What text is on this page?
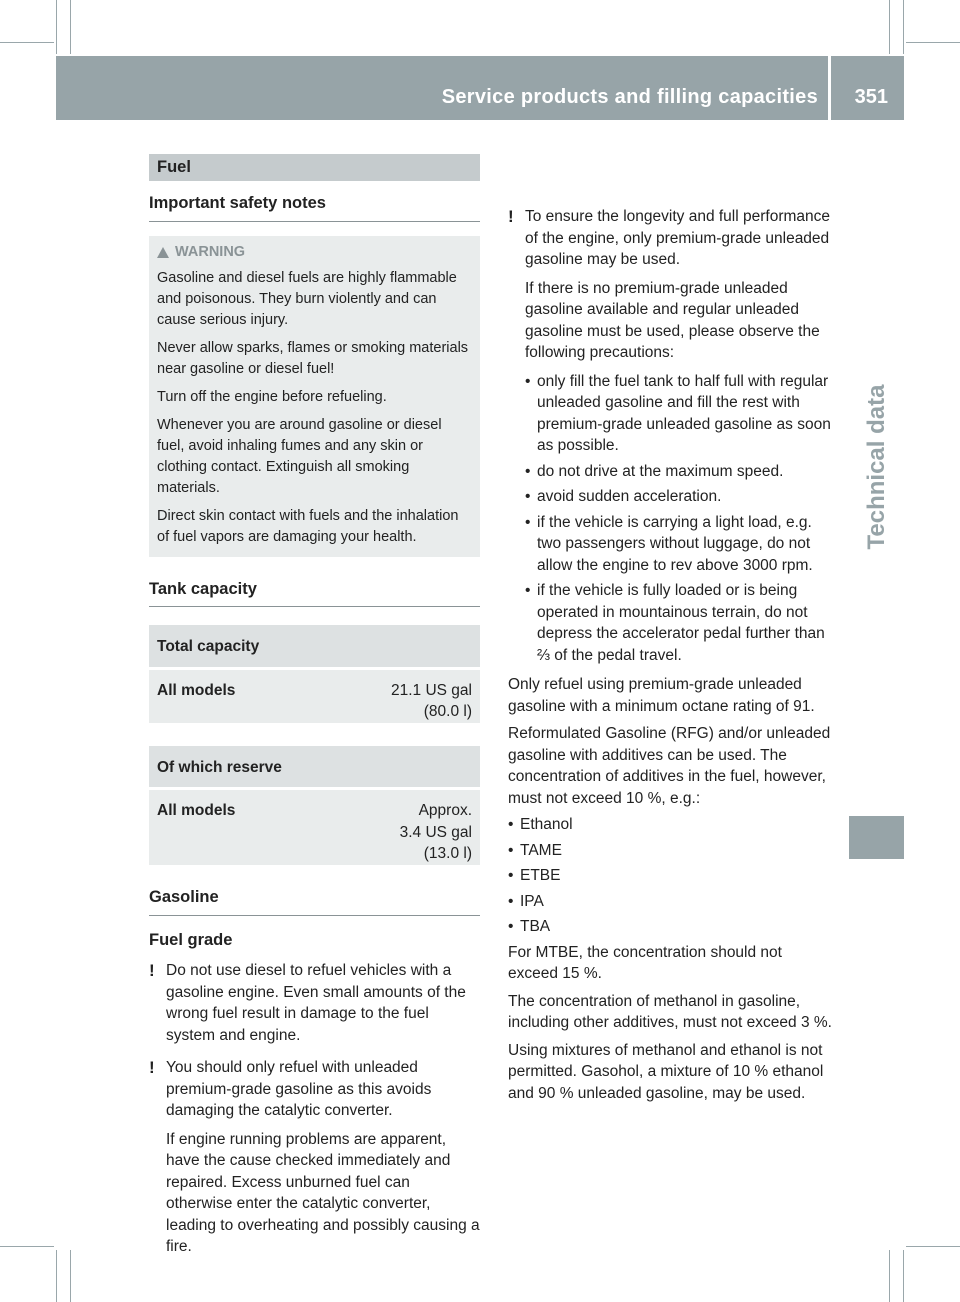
Service products and filling capacities 351
Technical data
Fuel
Important safety notes
WARNING

Gasoline and diesel fuels are highly flammable and poisonous. They burn violently and can cause serious injury.

Never allow sparks, flames or smoking materials near gasoline or diesel fuel!

Turn off the engine before refueling.

Whenever you are around gasoline or diesel fuel, avoid inhaling fumes and any skin or clothing contact. Extinguish all smoking materials.

Direct skin contact with fuels and the inhalation of fuel vapors are damaging your health.

Tank capacity
Total capacity
All models	21.1 US gal
(80.0 l)
Of which reserve
All models	Approx.
3.4 US gal
(13.0 l)
Gasoline
Fuel grade
! Do not use diesel to refuel vehicles with a gasoline engine. Even small amounts of the wrong fuel result in damage to the fuel system and engine.

! You should only refuel with unleaded premium-grade gasoline as this avoids damaging the catalytic converter.

If engine running problems are apparent, have the cause checked immediately and repaired. Excess unburned fuel can otherwise enter the catalytic converter, leading to overheating and possibly causing a fire.

! To ensure the longevity and full performance of the engine, only premium-grade unleaded gasoline may be used.

If there is no premium-grade unleaded gasoline available and regular unleaded gasoline must be used, please observe the following precautions:

• only fill the fuel tank to half full with regular unleaded gasoline and fill the rest with premium-grade unleaded gasoline as soon as possible.
• do not drive at the maximum speed.
• avoid sudden acceleration.
• if the vehicle is carrying a light load, e.g. two passengers without luggage, do not allow the engine to rev above 3000 rpm.
• if the vehicle is fully loaded or is being operated in mountainous terrain, do not depress the accelerator pedal further than ⅔ of the pedal travel.

Only refuel using premium-grade unleaded gasoline with a minimum octane rating of 91.

Reformulated Gasoline (RFG) and/or unleaded gasoline with additives can be used. The concentration of additives in the fuel, however, must not exceed 10 %, e.g.:

• Ethanol
• TAME
• ETBE
• IPA
• TBA

For MTBE, the concentration should not exceed 15 %.

The concentration of methanol in gasoline, including other additives, must not exceed 3 %.

Using mixtures of methanol and ethanol is not permitted. Gasohol, a mixture of 10 % ethanol and 90 % unleaded gasoline, may be used.
